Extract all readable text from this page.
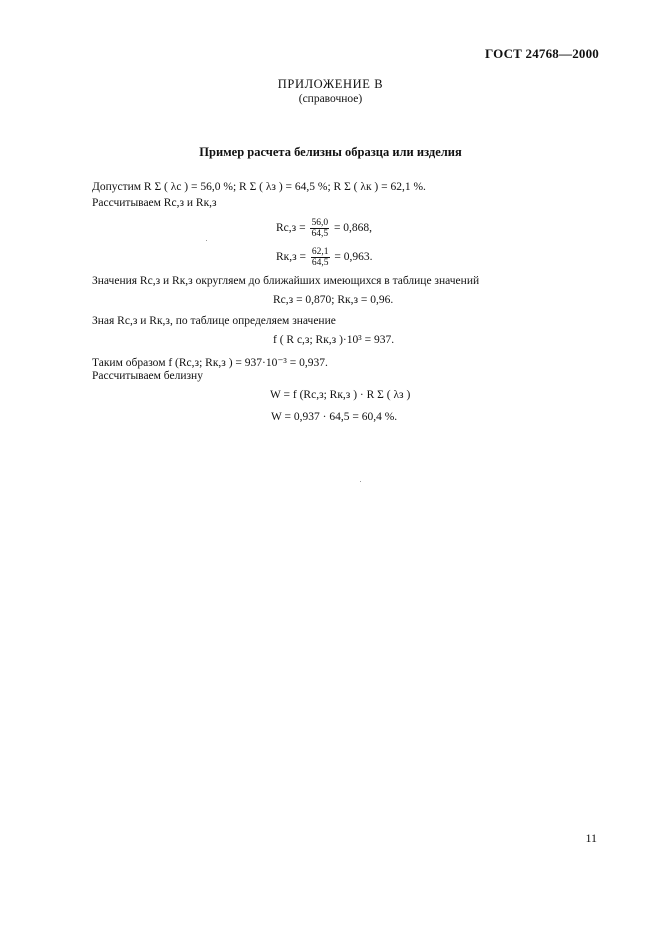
ГОСТ 24768—2000
ПРИЛОЖЕНИЕ В
(справочное)
Пример расчета белизны образца или изделия
Допустим R Σ ( λс ) = 56,0 %; R Σ ( λз ) = 64,5 %; R Σ ( λк ) = 62,1 %.
Рассчитываем Rс,з и Rк,з
$Rс,з = \frac{56,0}{64,5} = 0,868$,
$Rк,з = \frac{62,1}{64,5} = 0,963$.
Значения Rс,з и Rк,з округляем до ближайших имеющихся в таблице значений
Rс,з = 0,870; Rк,з = 0,96.
Зная Rс,з и Rк,з, по таблице определяем значение
f ( R с,з; Rк,з )·10³ = 937.
Таким образом f (Rс,з; Rк,з ) = 937·10⁻³ = 0,937.
Рассчитываем белизну
W = f (Rс,з; Rк,з ) · R Σ ( λз )
W = 0,937 · 64,5 = 60,4 %.
11
